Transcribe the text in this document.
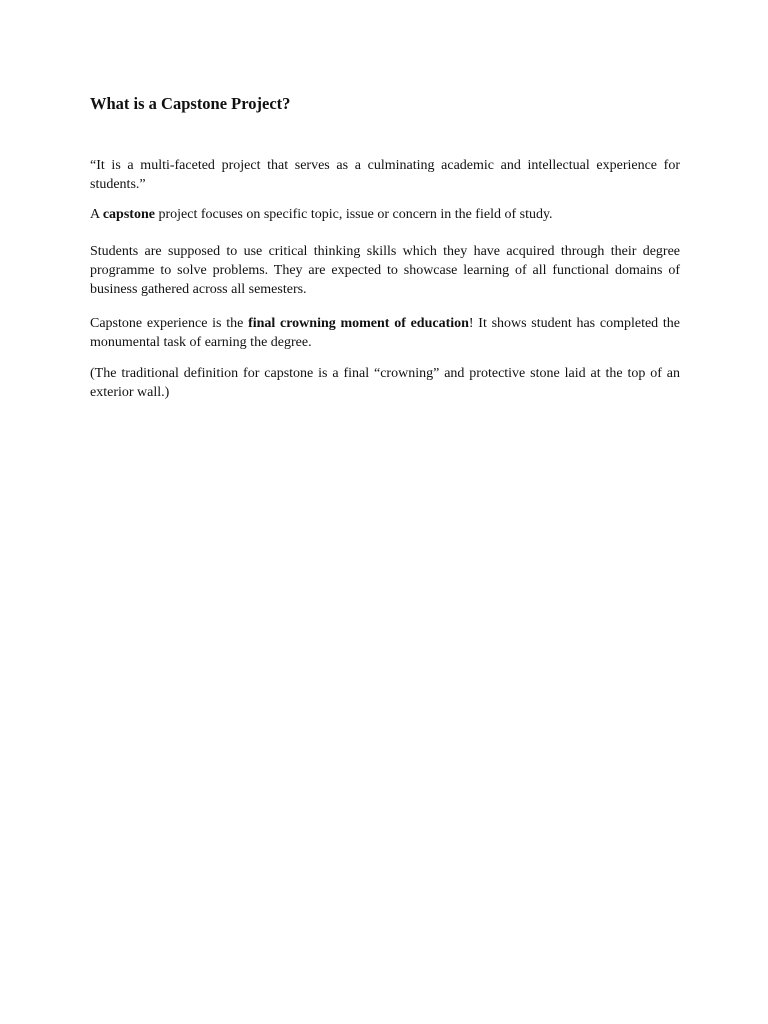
What is a Capstone Project?

“It is a multi-faceted project that serves as a culminating academic and intellectual experience for students.”

A capstone project focuses on specific topic, issue or concern in the field of study.

Students are supposed to use critical thinking skills which they have acquired through their degree programme to solve problems. They are expected to showcase learning of all functional domains of business gathered across all semesters.

Capstone experience is the final crowning moment of education! It shows student has completed the monumental task of earning the degree.

(The traditional definition for capstone is a final “crowning” and protective stone laid at the top of an exterior wall.)
